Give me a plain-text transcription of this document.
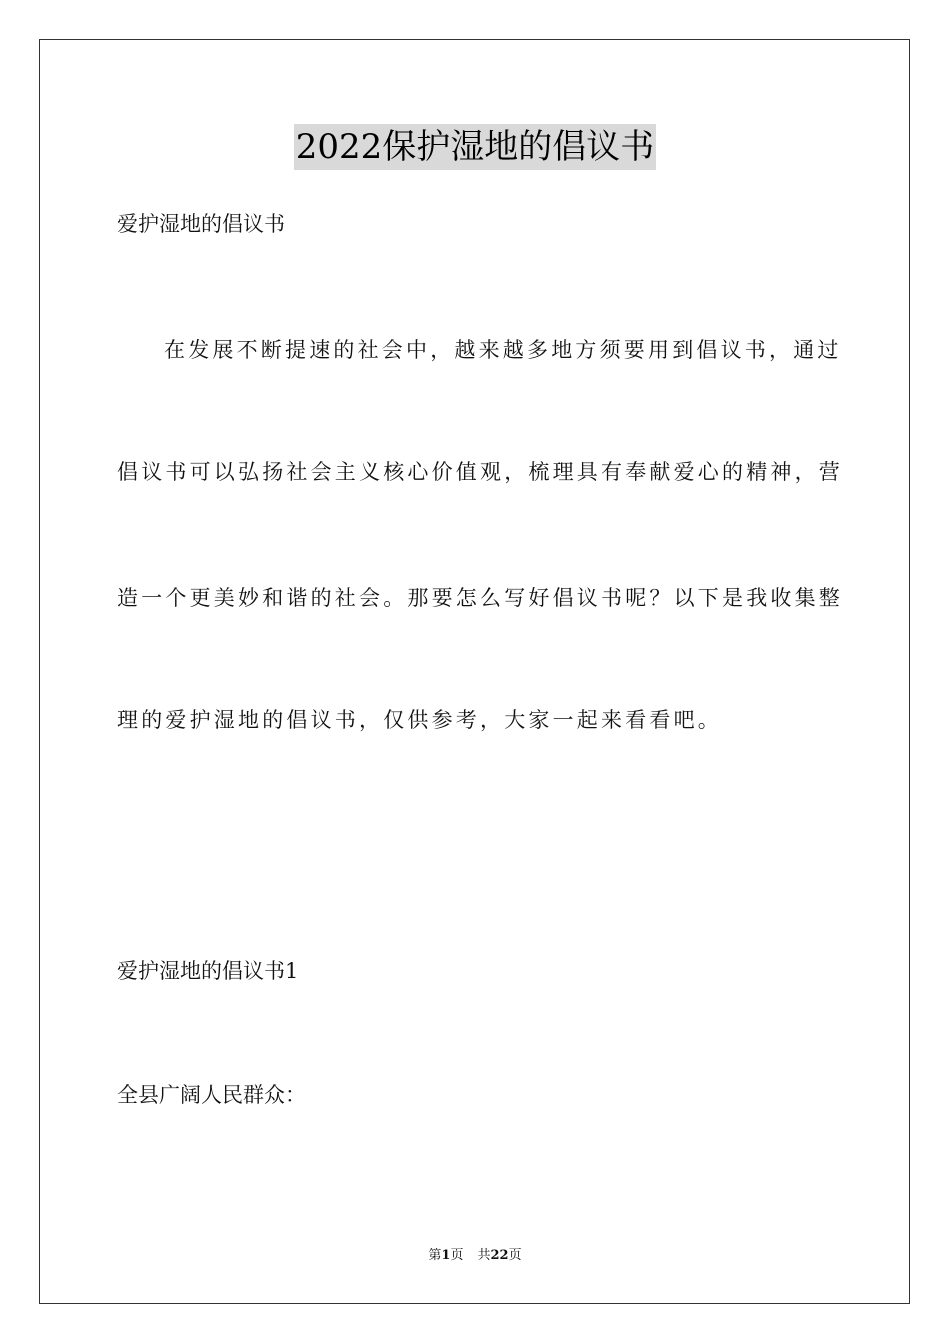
2022保护湿地的倡议书
爱护湿地的倡议书
在发展不断提速的社会中，越来越多地方须要用到倡议书，通过
倡议书可以弘扬社会主义核心价值观，梳理具有奉献爱心的精神，营
造一个更美妙和谐的社会。那要怎么写好倡议书呢？以下是我收集整
理的爱护湿地的倡议书，仅供参考，大家一起来看看吧。
爱护湿地的倡议书1
全县广阔人民群众：
第1页 共22页
